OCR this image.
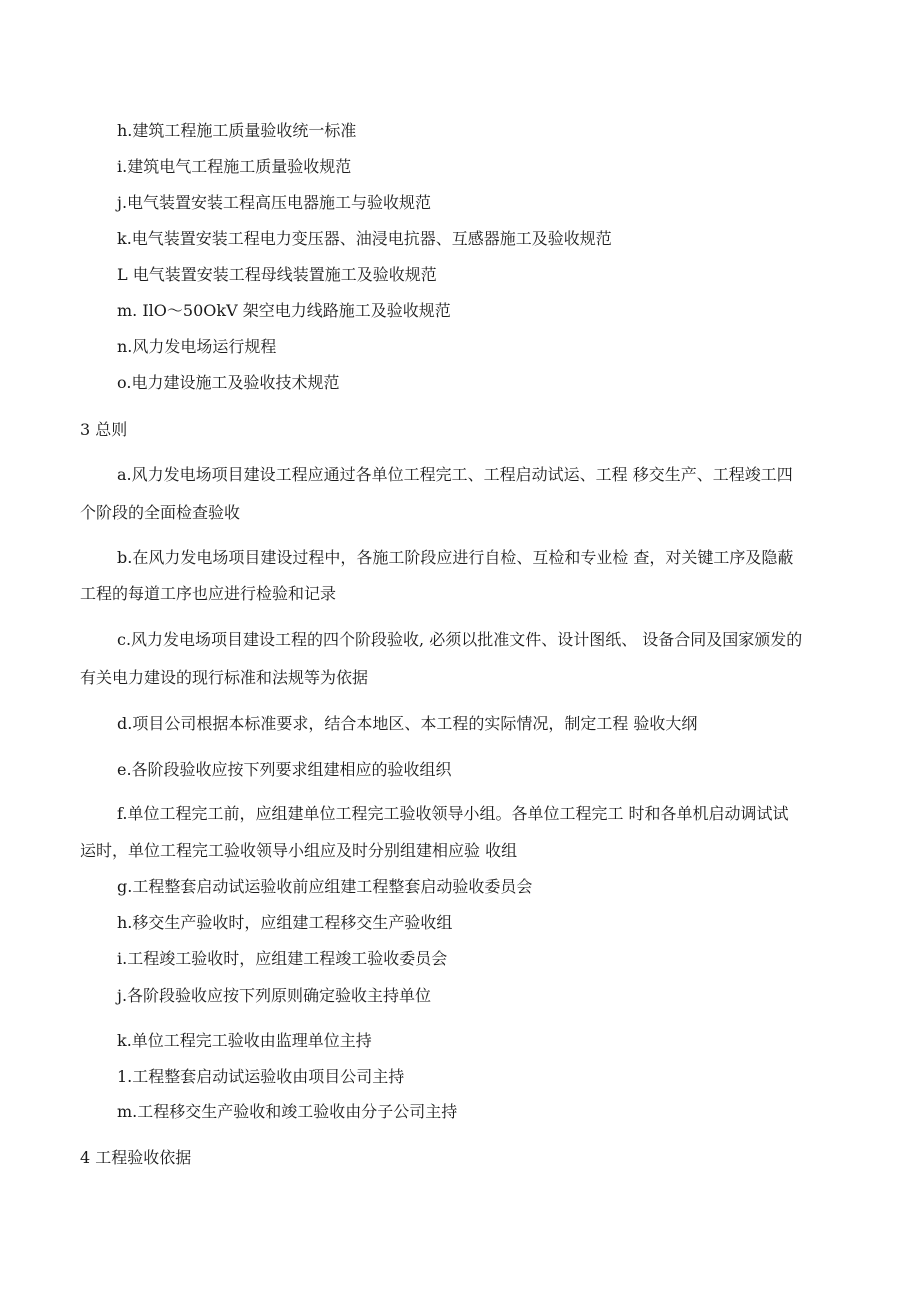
h.建筑工程施工质量验收统一标准
i.建筑电气工程施工质量验收规范
j.电气装置安装工程高压电器施工与验收规范
k.电气装置安装工程电力变压器、油浸电抗器、互感器施工及验收规范
L 电气装置安装工程母线装置施工及验收规范
m. IlO〜50OkV 架空电力线路施工及验收规范
n.风力发电场运行规程
o.电力建设施工及验收技术规范
3 总则
a.风力发电场项目建设工程应通过各单位工程完工、工程启动试运、工程 移交生产、工程竣工四
个阶段的全面检查验收
b.在风力发电场项目建设过程中，各施工阶段应进行自检、互检和专业检 查，对关键工序及隐蔽
工程的每道工序也应进行检验和记录
c.风力发电场项目建设工程的四个阶段验收, 必须以批准文件、设计图纸、 设备合同及国家颁发的
有关电力建设的现行标准和法规等为依据
d.项目公司根据本标准要求，结合本地区、本工程的实际情况，制定工程 验收大纲
e.各阶段验收应按下列要求组建相应的验收组织
f.单位工程完工前，应组建单位工程完工验收领导小组。各单位工程完工 时和各单机启动调试试
运时，单位工程完工验收领导小组应及时分别组建相应验 收组
g.工程整套启动试运验收前应组建工程整套启动验收委员会
h.移交生产验收时，应组建工程移交生产验收组
i.工程竣工验收时，应组建工程竣工验收委员会
j.各阶段验收应按下列原则确定验收主持单位
k.单位工程完工验收由监理单位主持
1.工程整套启动试运验收由项目公司主持
m.工程移交生产验收和竣工验收由分子公司主持
4 工程验收依据
